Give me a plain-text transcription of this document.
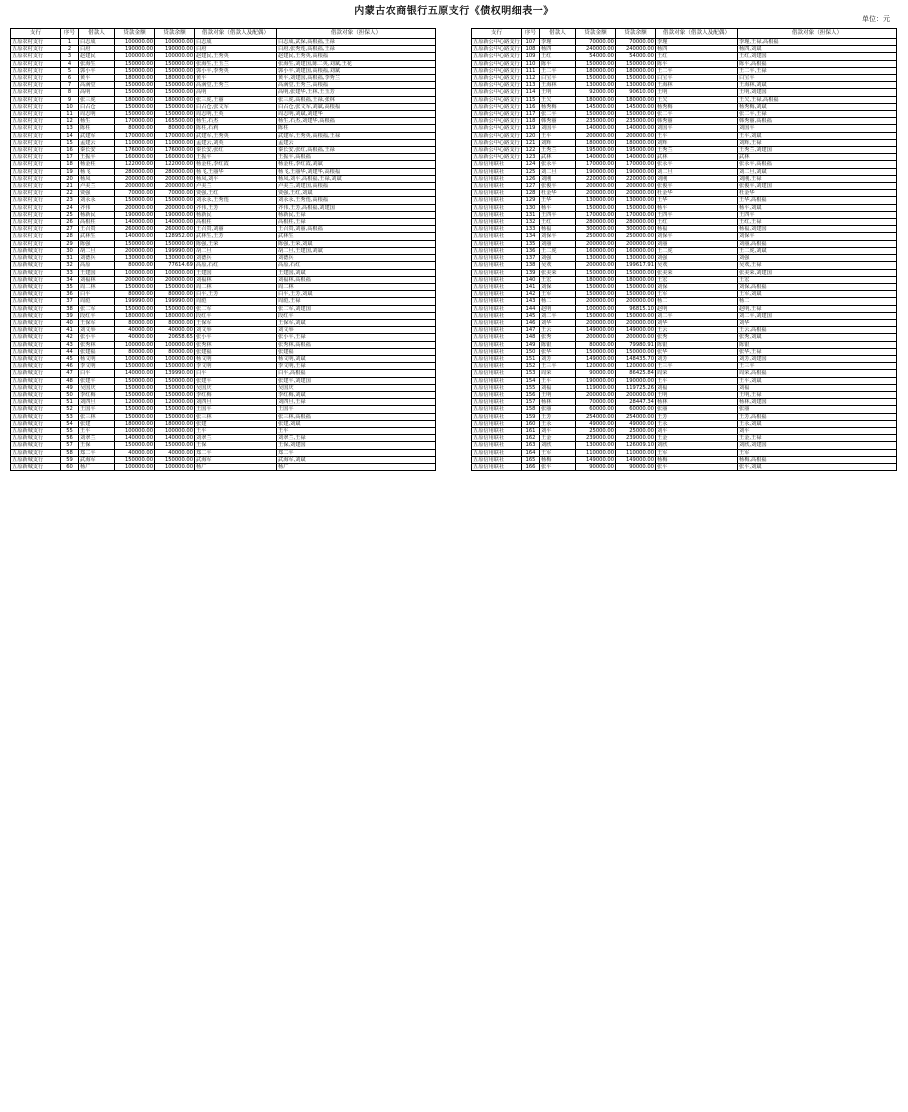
内蒙古农商银行五原支行《债权明细表一》
单位：元
支行	序号	借款人	贷款金额	贷款余额	借款对象（借款人及配偶）	借款对象（担保人）
五原农村支行	1	白志成	100000.00	100000.00	白志成	白志成,武保,高根福,王禄
五原农村支行	2	白府	190000.00	190000.00	白府	白府,张秀莲,高根福,王禄
五原农村支行	3	赵建民	100000.00	100000.00	赵建民,王秀英	赵建民,王秀英,高根福
五原农村支行	4	张海生	150000.00	150000.00	张海生,王玉兰	张海生,刘建国,陈二英,刘斌,王花
五原农村支行	5	郭小平	150000.00	150000.00	郭小平,李秀英	郭小平,刘建国,高根福,刘斌
五原农村支行	6	黄平	180000.00	180000.00	黄平	黄平,刘建国,高根福,李秀兰
五原农村支行	7	高满堂	150000.00	150000.00	高满堂,王秀兰	高满堂,王秀兰,高根福
五原农村支行	8	高明	150000.00	150000.00	高明	高明,张建华,王林,王玉芳
五原农村支行	9	张三虎	180000.00	180000.00	张三虎,王丽	张三虎,高根福,王禄,张林
五原农村支行	10	白占仓	150000.00	150000.00	白占仓,张文军	白占仓,张文军,刘斌,高根福
五原农村支行	11	周志明	150000.00	150000.00	周志明,王英	周志明,刘斌,刘建华
五原农村支行	12	杨生	170000.00	165500.00	杨生,石杰	杨生,石杰,刘建华,高根福
五原农村支行	13	陈柱	80000.00	80000.00	陈柱,石莉	陈柱
五原农村支行	14	武建军	170000.00	170000.00	武建军,王秀英	武建军,王秀英,高根福,王禄
五原农村支行	15	孟建云	110000.00	110000.00	孟建云,刘英	孟建云
五原农村支行	16	秦长安	176000.00	176000.00	秦长安,张红	秦长安,张红,高根福,王禄
五原农村支行	17	王振平	160000.00	160000.00	王振平	王振平,高根福
五原农村支行	18	杨金柱	122000.00	122000.00	杨金柱,李红霞	杨金柱,李红霞,刘斌
五原农村支行	19	杨飞	280000.00	280000.00	杨飞,王丽华	杨飞,王丽华,刘建华,高根福
五原农村支行	20	杨凤	200000.00	200000.00	杨凤,刘平	杨凤,刘平,高根福,王禄,刘斌
五原农村支行	21	卢美兰	200000.00	200000.00	卢美兰	卢美兰,刘建国,高根福
五原农村支行	22	贾强	70000.00	70000.00	贾强,王红	贾强,王红,刘斌
五原农村支行	23	刘永永	150000.00	150000.00	刘永永,王秀莲	刘永永,王秀莲,高根福
五原农村支行	24	齐伟	200000.00	200000.00	齐伟,王芳	齐伟,王芳,高根福,刘建国
五原农村支行	25	杨新民	190000.00	190000.00	杨新民	杨新民,王禄
五原农村支行	26	高根柱	140000.00	140000.00	高根柱	高根柱,王禄
五原农村支行	27	王召贵	260000.00	260000.00	王召贵,刘丽	王召贵,刘丽,高根福
五原农村支行	28	武林生	140000.00	128952.00	武林生,王芳	武林生
五原农村支行	29	陈强	150000.00	150000.00	陈强,王荣	陈强,王荣,刘斌
五原新城支行	30	胡二旦	200000.00	199990.00	胡二旦	胡二旦,王建国,刘斌
五原新城支行	31	刘德兵	130000.00	130000.00	刘德兵	刘德兵
五原新城支行	32	高原	80000.00	77614.69	高原,石红	高原,石红
五原新城支行	33	王建国	100000.00	100000.00	王建国	王建国,刘斌
五原新城支行	34	刘福林	200000.00	200000.00	刘福林	刘福林,高根福
五原新城支行	35	周二林	150000.00	150000.00	周二林	周二林
五原新城支行	36	白平	80000.00	80000.00	白平,王芳	白平,王芳,刘斌
五原新城支行	37	周彪	199990.00	199990.00	周彪	周彪,王禄
五原新城支行	38	张二军	150000.00	150000.00	张二军	张二军,刘建国
五原新城支行	39	段红平	180000.00	180000.00	段红平	段红平
五原新城支行	40	王保军	80000.00	80000.00	王保军	王保军,刘斌
五原新城支行	41	刘文举	40000.00	40000.00	刘文举	刘文举
五原新城支行	42	张小平	40000.00	20658.65	张小平	张小平,王禄
五原新城支行	43	张秀林	100000.00	100000.00	张秀林	张秀林,高根福
五原新城支行	44	张建福	80000.00	80000.00	张建福	张建福
五原新城支行	45	杨文明	100000.00	100000.00	杨文明	杨文明,刘斌
五原新城支行	46	李文明	150000.00	150000.00	李文明	李文明,王禄
五原新城支行	47	白平	140000.00	139990.00	白平	白平,高根福
五原新城支行	48	张建平	150000.00	150000.00	张建平	张建平,刘建国
五原新城支行	49	吴国庆	150000.00	150000.00	吴国庆	吴国庆
五原新城支行	50	李红梅	150000.00	150000.00	李红梅	李红梅,刘斌
五原新城支行	51	刘四旦	120000.00	120000.00	刘四旦	刘四旦,王禄
五原新城支行	52	王国平	150000.00	150000.00	王国平	王国平
五原新城支行	53	张三林	150000.00	150000.00	张三林	张三林,高根福
五原新城支行	54	张建	180000.00	180000.00	张建	张建,刘斌
五原新城支行	55	王平	100000.00	100000.00	王平	王平
五原新城支行	56	刘翠兰	140000.00	140000.00	刘翠兰	刘翠兰,王禄
五原新城支行	57	王保	150000.00	150000.00	王保	王保,刘建国
五原新城支行	58	郑二平	40000.00	40000.00	郑二平	郑二平
五原新城支行	59	武海军	150000.00	150000.00	武海军	武海军,刘斌
五原新城支行	60	杨广	100000.00	100000.00	杨广	杨广
支行	序号	借款人	贷款金额	贷款余额	借款对象（借款人及配偶）	借款对象（担保人）
五原新公中心路支行	107	李瑾	70000.00	70000.00	李瑾	李瑾,王禄,高根福
五原新公中心路支行	108	杨四	240000.00	240000.00	杨四	杨四,刘斌
五原新公中心路支行	109	王红	54000.00	54000.00	王红	王红,刘建国
五原新公中心路支行	110	陈平	150000.00	150000.00	陈平	陈平,高根福
五原新公中心路支行	111	王二平	180000.00	180000.00	王二平	王二平,王禄
五原新公中心路支行	112	白宝平	150000.00	150000.00	白宝平	白宝平
五原新公中心路支行	113	王海林	130000.00	130000.00	王海林	王海林,刘斌
五原新公中心路支行	114	王明	92000.00	90610.00	王明	王明,刘建国
五原新公中心路支行	115	王欠	180000.00	180000.00	王欠	王欠,王禄,高根福
五原新公中心路支行	116	杨秀梅	145000.00	145000.00	杨秀梅	杨秀梅,刘斌
五原新公中心路支行	117	张二平	150000.00	150000.00	张二平	张二平,王禄
五原新公中心路支行	118	韩秀丽	235000.00	235000.00	韩秀丽	韩秀丽,高根福
五原新公中心路支行	119	刘国平	140000.00	140000.00	刘国平	刘国平
五原新公中心路支行	120	王平	200000.00	200000.00	王平	王平,刘斌
五原新公中心路支行	121	刘辉	180000.00	180000.00	刘辉	刘辉,王禄
五原新公中心路支行	122	王秀兰	195000.00	195000.00	王秀兰	王秀兰,刘建国
五原新公中心路支行	123	武林	140000.00	140000.00	武林	武林
五原信用联社	124	张永平	170000.00	170000.00	张永平	张永平,高根福
五原信用联社	125	刘二旦	190000.00	190000.00	刘二旦	刘二旦,刘斌
五原信用联社	126	刘刚	220000.00	220000.00	刘刚	刘刚,王禄
五原信用联社	127	张俊平	200000.00	200000.00	张俊平	张俊平,刘建国
五原信用联社	128	杜金华	200000.00	200000.00	杜金华	杜金华
五原信用联社	129	王华	130000.00	130000.00	王华	王华,高根福
五原信用联社	130	杨平	150000.00	150000.00	杨平	杨平,刘斌
五原信用联社	131	王四平	170000.00	170000.00	王四平	王四平
五原信用联社	132	王红	280000.00	280000.00	王红	王红,王禄
五原信用联社	133	杨福	300000.00	300000.00	杨福	杨福,刘建国
五原信用联社	134	刘保平	250000.00	250000.00	刘保平	刘保平
五原信用联社	135	刘丽	200000.00	200000.00	刘丽	刘丽,高根福
五原信用联社	136	王二虎	160000.00	160000.00	王二虎	王二虎,刘斌
五原信用联社	137	刘强	130000.00	130000.00	刘强	刘强
五原信用联社	138	吴欢	200000.00	199617.91	吴欢	吴欢,王禄
五原信用联社	139	张美荣	150000.00	150000.00	张美荣	张美荣,刘建国
五原信用联社	140	王宏	180000.00	180000.00	王宏	王宏
五原信用联社	141	刘保	150000.00	150000.00	刘保	刘保,高根福
五原信用联社	142	王军	150000.00	150000.00	王军	王军,刘斌
五原信用联社	143	杨二	200000.00	200000.00	杨二	杨二
五原信用联社	144	赵明	100000.00	96815.10	赵明	赵明,王禄
五原信用联社	145	刘二平	150000.00	150000.00	刘二平	刘二平,刘建国
五原信用联社	146	刘华	200000.00	200000.00	刘华	刘华
五原信用联社	147	王云	149000.00	149000.00	王云	王云,高根福
五原信用联社	148	张秀	200000.00	200000.00	张秀	张秀,刘斌
五原信用联社	149	陈银	80000.00	79980.91	陈银	陈银
五原信用联社	150	张华	150000.00	150000.00	张华	张华,王禄
五原信用联社	151	刘芳	149000.00	148435.70	刘芳	刘芳,刘建国
五原信用联社	152	王三平	120000.00	120000.00	王三平	王三平
五原信用联社	153	周荣	90000.00	86425.84	周荣	周荣,高根福
五原信用联社	154	王平	190000.00	190000.00	王平	王平,刘斌
五原信用联社	155	刘福	119000.00	119725.26	刘福	刘福
五原信用联社	156	王明	200000.00	200000.00	王明	王明,王禄
五原信用联社	157	杨林	70000.00	28447.34	杨林	杨林,刘建国
五原信用联社	158	张丽	60000.00	60000.00	张丽	张丽
五原信用联社	159	王芳	254000.00	254000.00	王芳	王芳,高根福
五原信用联社	160	王永	49000.00	49000.00	王永	王永,刘斌
五原信用联社	161	刘平	25000.00	25000.00	刘平	刘平
五原信用联社	162	王金	239000.00	239000.00	王金	王金,王禄
五原信用联社	163	刘欣	130000.00	126009.10	刘欣	刘欣,刘建国
五原信用联社	164	王军	110000.00	110000.00	王军	王军
五原信用联社	165	杨梅	149000.00	149000.00	杨梅	杨梅,高根福
五原信用联社	166	张平	90000.00	90000.00	张平	张平,刘斌
